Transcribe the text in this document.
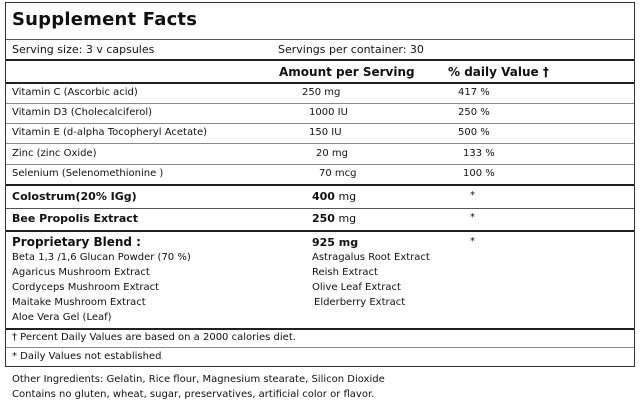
Supplement Facts
Serving size: 3 v capsules	Servings per container: 30
Amount per Serving	% daily Value †
Vitamin C (Ascorbic acid)	250 mg	417 %
Vitamin D3 (Cholecalciferol)	1000 IU	250 %
Vitamin E (d-alpha Tocopheryl Acetate)	150 IU	500 %
Zinc (zinc Oxide)	20 mg	133 %
Selenium (Selenomethionine )	70 mcg	100 %
Colostrum(20% IGg)	400 mg	*
Bee Propolis Extract	250 mg	*
Proprietary Blend :	925 mg	*
Beta 1,3 /1,6 Glucan Powder (70 %)
Agaricus Mushroom Extract
Cordyceps Mushroom Extract
Maitake Mushroom Extract
Aloe Vera Gel (Leaf)
Astragalus Root Extract
Reish Extract
Olive Leaf Extract
Elderberry Extract
† Percent Daily Values are based on a 2000 calories diet.
* Daily Values not established
Other Ingredients: Gelatin, Rice flour, Magnesium stearate, Silicon Dioxide
Contains no gluten, wheat, sugar, preservatives, artificial color or flavor.
